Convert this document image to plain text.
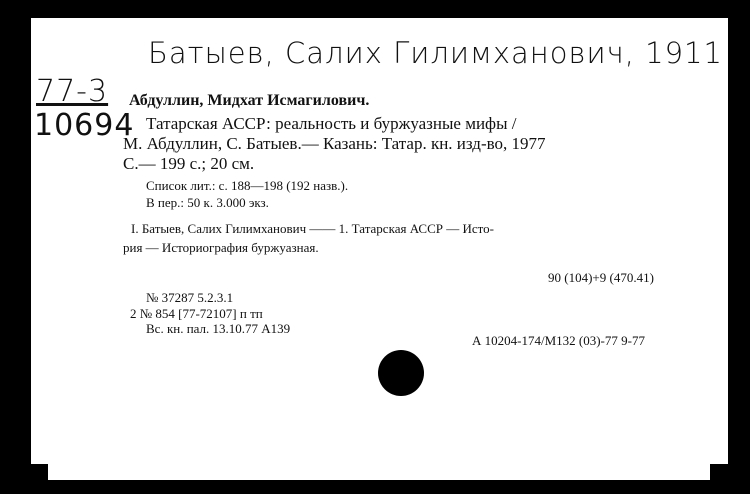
Батыев, Салих Гилимханович, 1911
77-3
10694
Абдуллин, Мидхат Исмагилович.
Татарская АССР: реальность и буржуазные мифы /
М. Абдуллин, С. Батыев.— Казань: Татар. кн. изд-во, 1977
С.— 199 с.; 20 см.
Список лит.: с. 188—198 (192 назв.).
В пер.: 50 к. 3.000 экз.
I. Батыев, Салих Гилимханович —— 1. Татарская АССР — Исто-
рия — Историография буржуазная.
90 (104)+9 (470.41)
№ 37287 5.2.3.1
2 № 854 [77-72107] п тп
Вс. кн. пал. 13.10.77 А139
А 10204-174/М132 (03)-77 9-77
